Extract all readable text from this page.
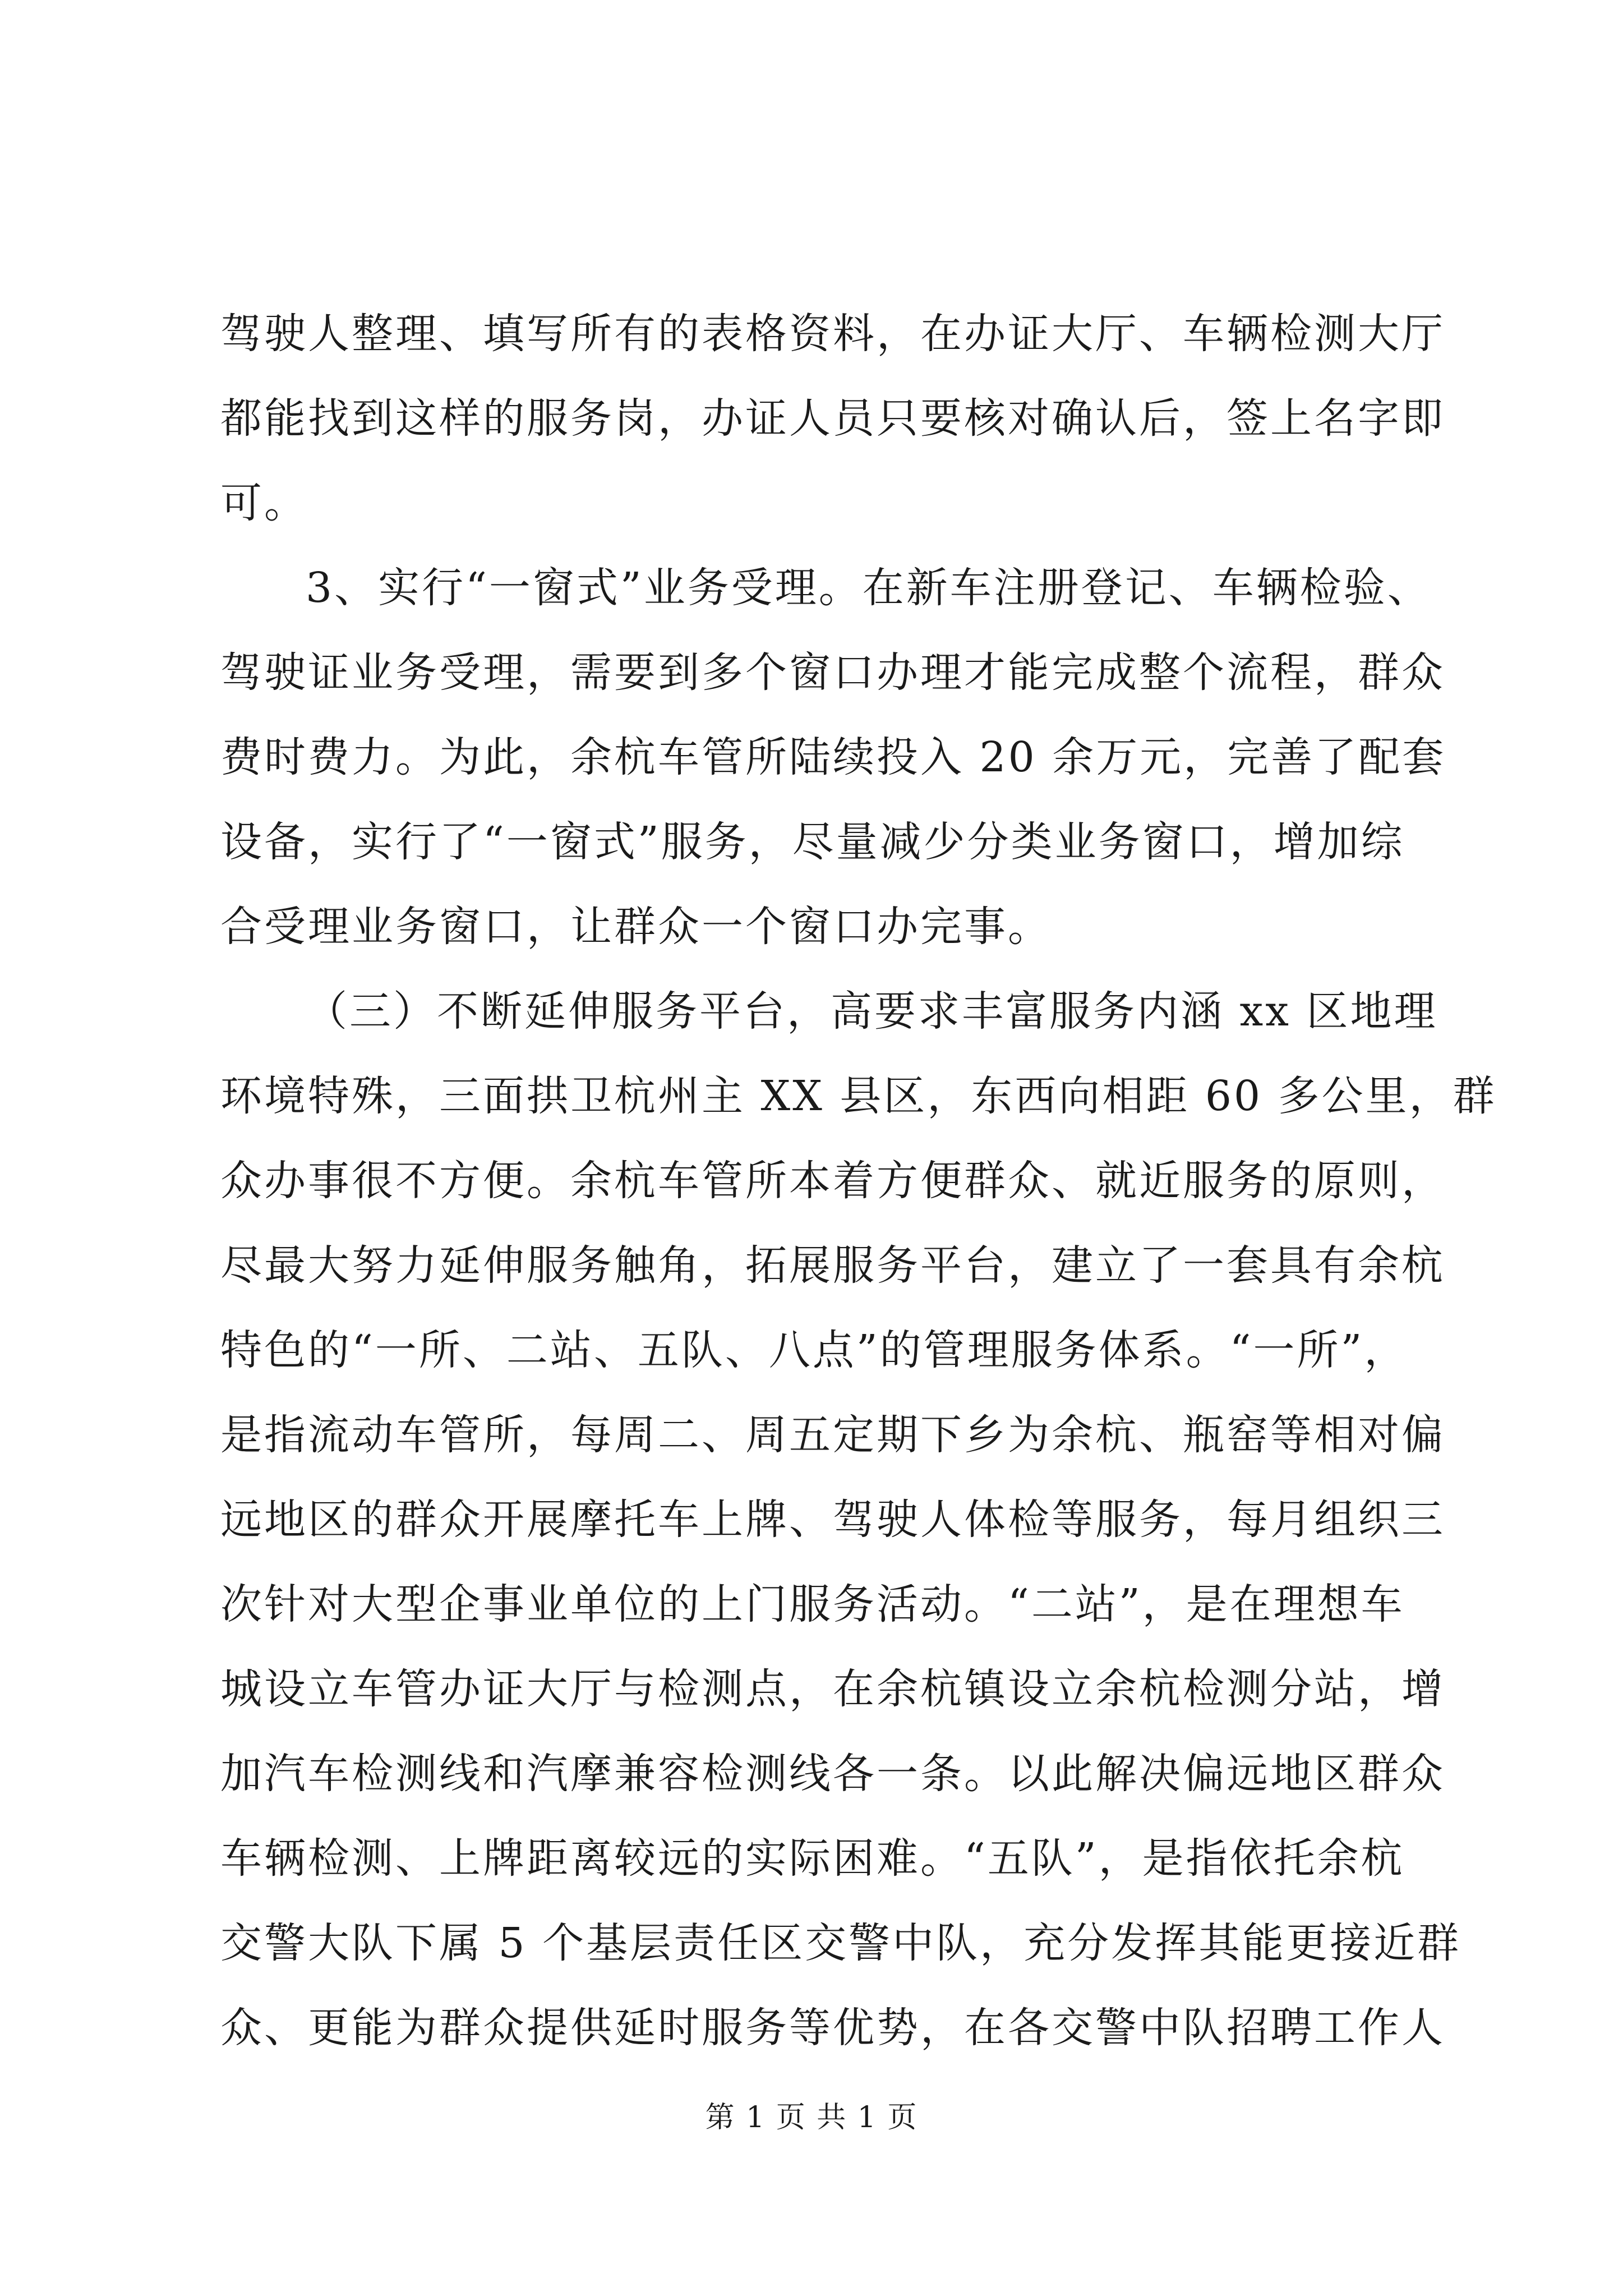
驾驶人整理、填写所有的表格资料，在办证大厅、车辆检测大厅
都能找到这样的服务岗，办证人员只要核对确认后，签上名字即
可。
3、实行“一窗式”业务受理。在新车注册登记、车辆检验、
驾驶证业务受理，需要到多个窗口办理才能完成整个流程，群众
费时费力。为此，余杭车管所陆续投入 20 余万元，完善了配套
设备，实行了“一窗式”服务，尽量减少分类业务窗口，增加综
合受理业务窗口，让群众一个窗口办完事。
（三）不断延伸服务平台，高要求丰富服务内涵 xx 区地理
环境特殊，三面拱卫杭州主 XX 县区，东西向相距 60 多公里，群
众办事很不方便。余杭车管所本着方便群众、就近服务的原则，
尽最大努力延伸服务触角，拓展服务平台，建立了一套具有余杭
特色的“一所、二站、五队、八点”的管理服务体系。“一所”，
是指流动车管所，每周二、周五定期下乡为余杭、瓶窑等相对偏
远地区的群众开展摩托车上牌、驾驶人体检等服务，每月组织三
次针对大型企事业单位的上门服务活动。“二站”，是在理想车
城设立车管办证大厅与检测点，在余杭镇设立余杭检测分站，增
加汽车检测线和汽摩兼容检测线各一条。以此解决偏远地区群众
车辆检测、上牌距离较远的实际困难。“五队”，是指依托余杭
交警大队下属 5 个基层责任区交警中队，充分发挥其能更接近群
众、更能为群众提供延时服务等优势，在各交警中队招聘工作人
第 1 页 共 1 页
